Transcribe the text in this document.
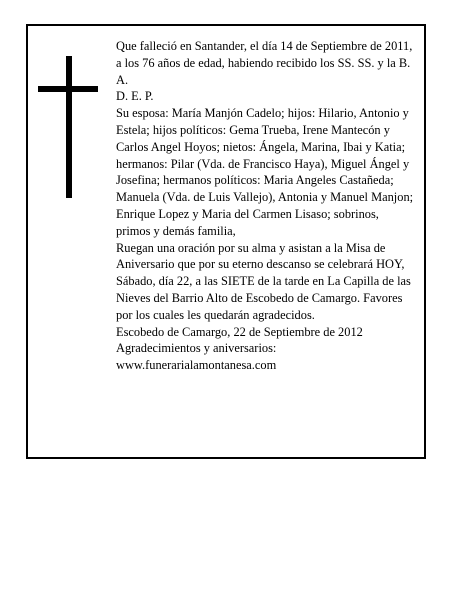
Que falleció en Santander, el día 14 de Septiembre de 2011, a los 76 años de edad, habiendo recibido los SS. SS. y la B. A.

D. E. P.

Su esposa: María Manjón Cadelo; hijos: Hilario, Antonio y Estela; hijos políticos: Gema Trueba, Irene Mantecón y Carlos Angel Hoyos; nietos: Ángela, Marina, Ibai y Katia; hermanos: Pilar (Vda. de Francisco Haya), Miguel Ángel y Josefina; hermanos políticos: Maria Angeles Castañeda; Manuela (Vda. de Luis Vallejo), Antonia y Manuel Manjon; Enrique Lopez y Maria del Carmen Lisaso; sobrinos, primos y demás familia,

Ruegan una oración por su alma y asistan a la Misa de Aniversario que por su eterno descanso se celebrará HOY, Sábado, día 22, a las SIETE de la tarde en La Capilla de las Nieves del Barrio Alto de Escobedo de Camargo. Favores por los cuales les quedarán agradecidos.

Escobedo de Camargo, 22 de Septiembre de 2012

Agradecimientos y aniversarios:

www.funerarialamontanesa.com
